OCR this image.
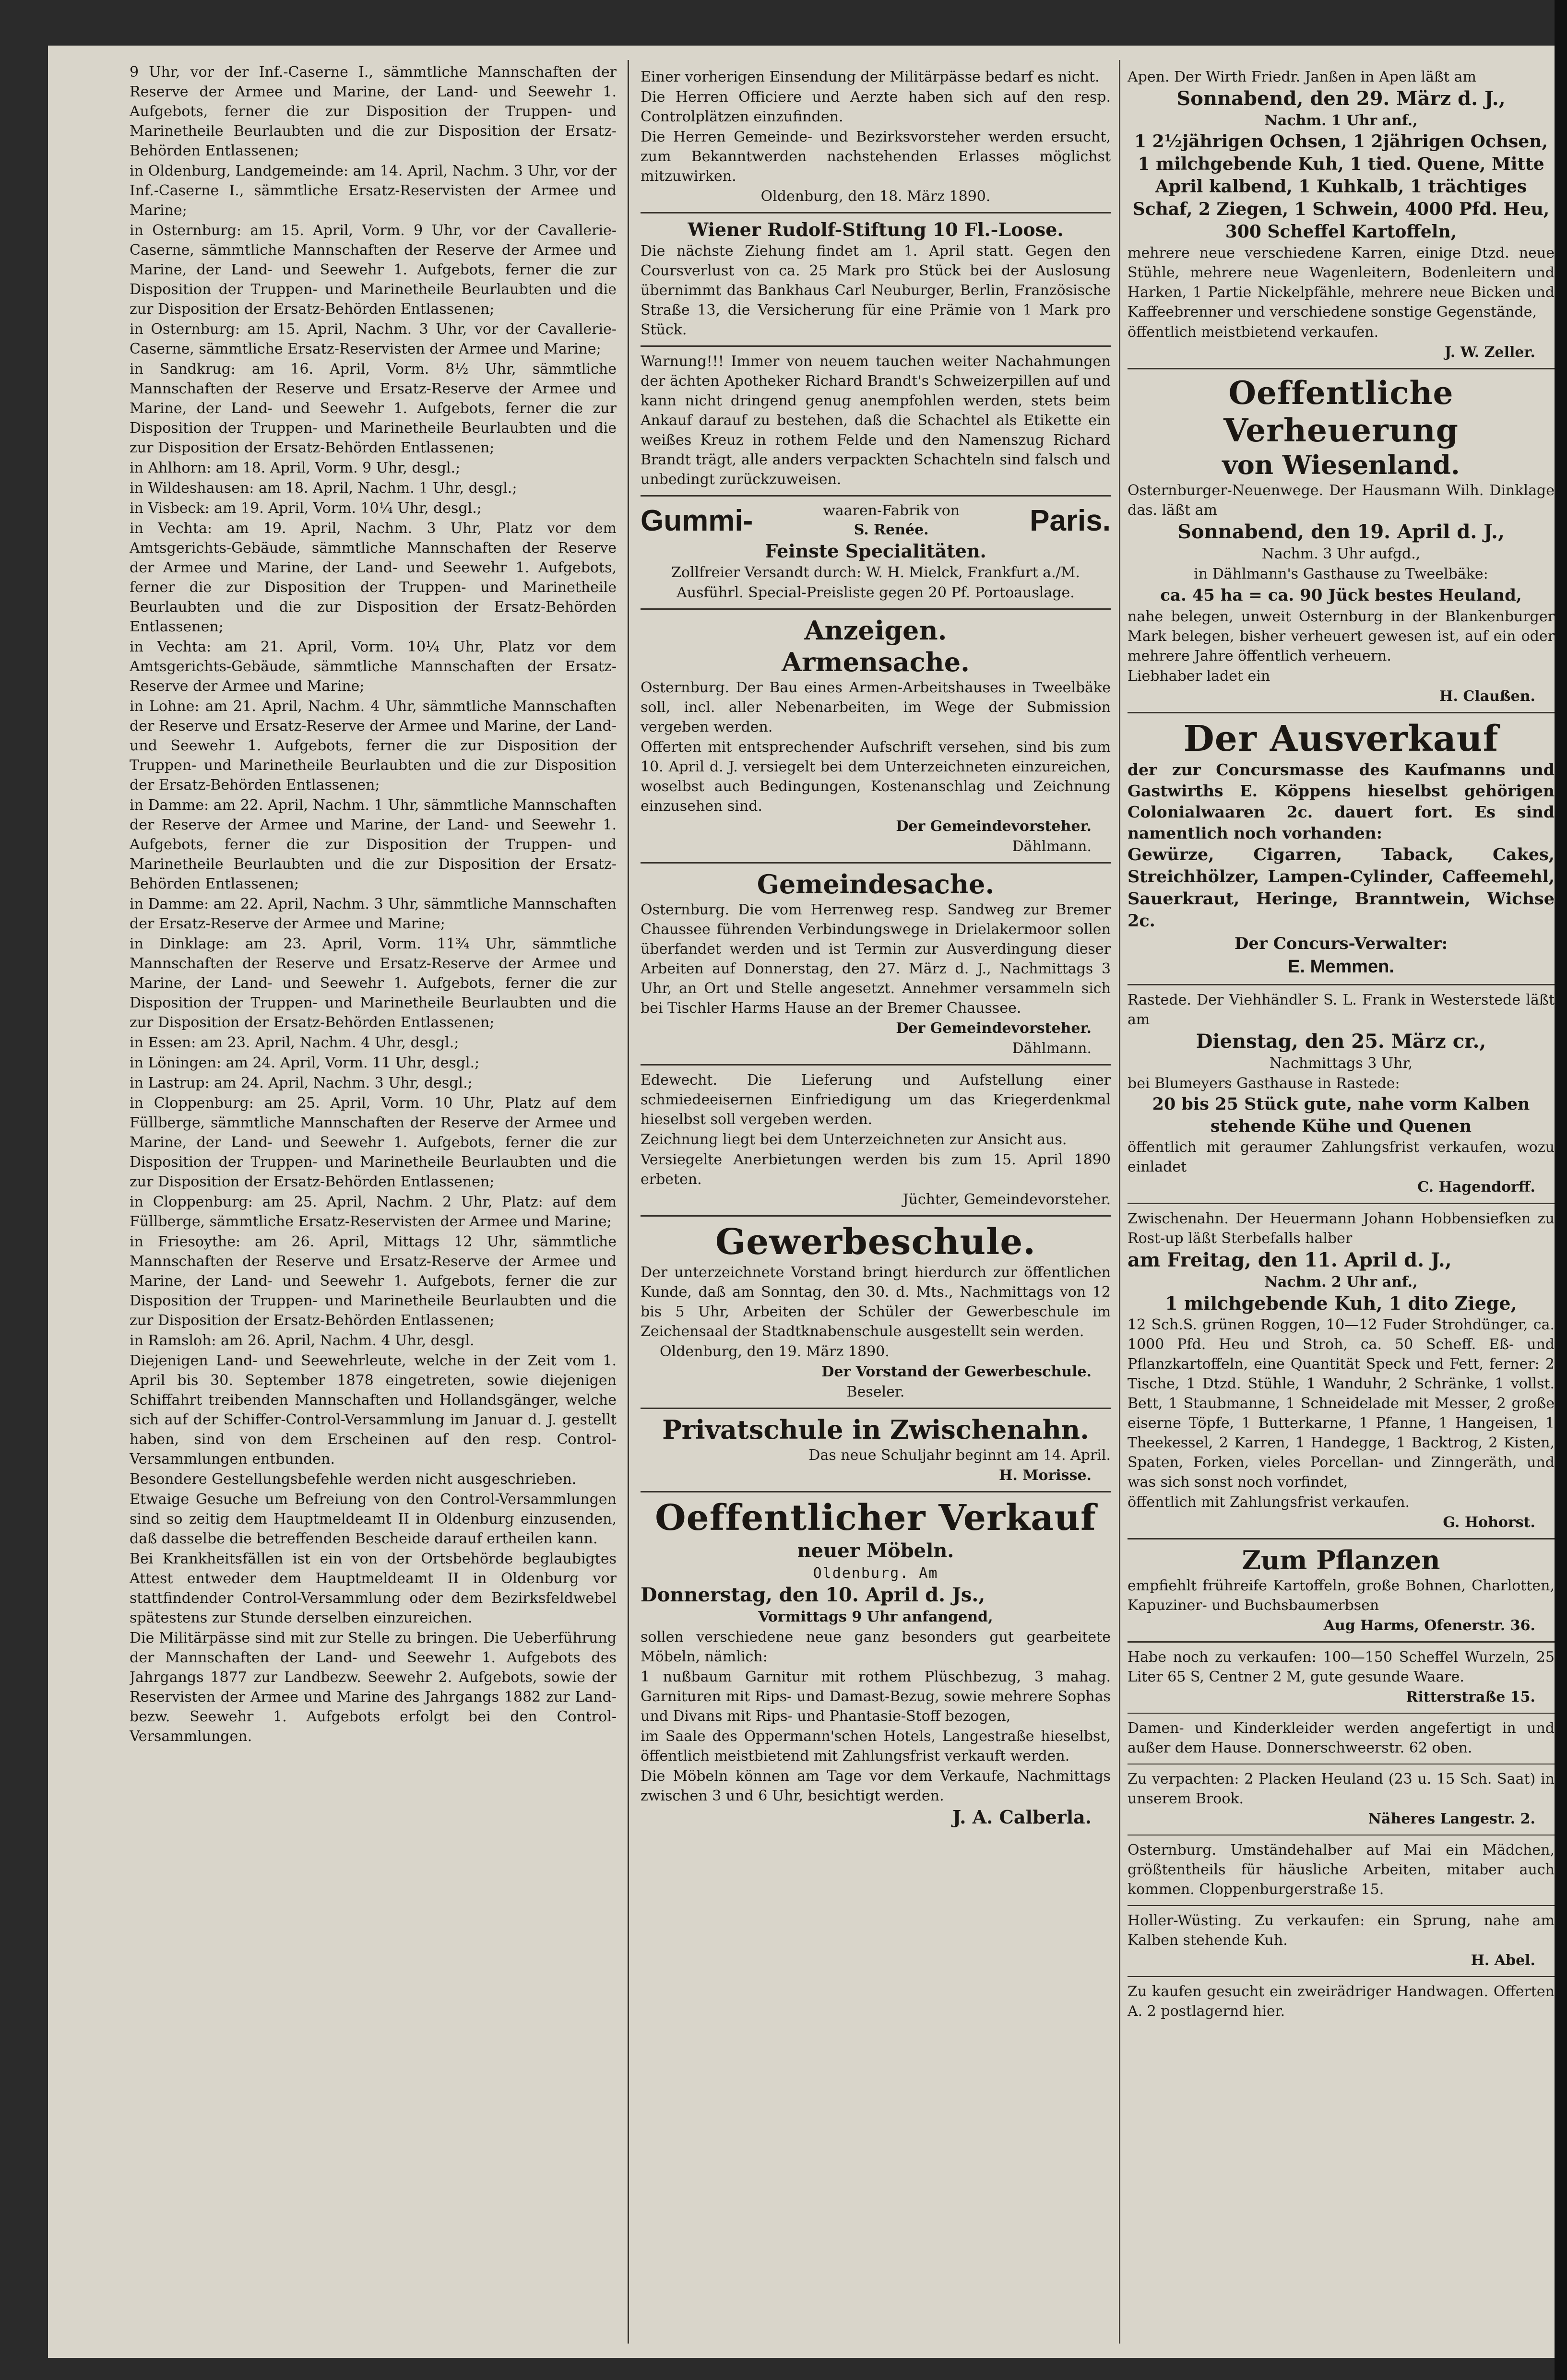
9 Uhr, vor der Inf.-Caserne I., sämmtliche Mannschaften der Reserve der Armee und Marine, der Land- und Seewehr 1. Aufgebots, ferner die zur Disposition der Truppen- und Marinetheile Beurlaubten und die zur Disposition der Ersatz-Behörden Entlassenen;

in Oldenburg, Landgemeinde: am 14. April, Nachm. 3 Uhr, vor der Inf.-Caserne I., sämmtliche Ersatz-Reservisten der Armee und Marine;

in Osternburg: am 15. April, Vorm. 9 Uhr, vor der Cavallerie-Caserne, sämmtliche Mannschaften der Reserve der Armee und Marine, der Land- und Seewehr 1. Aufgebots, ferner die zur Disposition der Truppen- und Marinetheile Beurlaubten und die zur Disposition der Ersatz-Behörden Entlassenen;

in Osternburg: am 15. April, Nachm. 3 Uhr, vor der Cavallerie-Caserne, sämmtliche Ersatz-Reservisten der Armee und Marine;

in Sandkrug: am 16. April, Vorm. 8½ Uhr, sämmtliche Mannschaften der Reserve und Ersatz-Reserve der Armee und Marine, der Land- und Seewehr 1. Aufgebots, ferner die zur Disposition der Truppen- und Marinetheile Beurlaubten und die zur Disposition der Ersatz-Behörden Entlassenen;

in Ahlhorn: am 18. April, Vorm. 9 Uhr, desgl.;

in Wildeshausen: am 18. April, Nachm. 1 Uhr, desgl.;

in Visbeck: am 19. April, Vorm. 10¼ Uhr, desgl.;

in Vechta: am 19. April, Nachm. 3 Uhr, Platz vor dem Amtsgerichts-Gebäude, sämmtliche Mannschaften der Reserve der Armee und Marine, der Land- und Seewehr 1. Aufgebots, ferner die zur Disposition der Truppen- und Marinetheile Beurlaubten und die zur Disposition der Ersatz-Behörden Entlassenen;

in Vechta: am 21. April, Vorm. 10¼ Uhr, Platz vor dem Amtsgerichts-Gebäude, sämmtliche Mannschaften der Ersatz-Reserve der Armee und Marine;

in Lohne: am 21. April, Nachm. 4 Uhr, sämmtliche Mannschaften der Reserve und Ersatz-Reserve der Armee und Marine, der Land- und Seewehr 1. Aufgebots, ferner die zur Disposition der Truppen- und Marinetheile Beurlaubten und die zur Disposition der Ersatz-Behörden Entlassenen;

in Damme: am 22. April, Nachm. 1 Uhr, sämmtliche Mannschaften der Reserve der Armee und Marine, der Land- und Seewehr 1. Aufgebots, ferner die zur Disposition der Truppen- und Marinetheile Beurlaubten und die zur Disposition der Ersatz-Behörden Entlassenen;

in Damme: am 22. April, Nachm. 3 Uhr, sämmtliche Mannschaften der Ersatz-Reserve der Armee und Marine;

in Dinklage: am 23. April, Vorm. 11¾ Uhr, sämmtliche Mannschaften der Reserve und Ersatz-Reserve der Armee und Marine, der Land- und Seewehr 1. Aufgebots, ferner die zur Disposition der Truppen- und Marinetheile Beurlaubten und die zur Disposition der Ersatz-Behörden Entlassenen;

in Essen: am 23. April, Nachm. 4 Uhr, desgl.;

in Löningen: am 24. April, Vorm. 11 Uhr, desgl.;

in Lastrup: am 24. April, Nachm. 3 Uhr, desgl.;

in Cloppenburg: am 25. April, Vorm. 10 Uhr, Platz auf dem Füllberge, sämmtliche Mannschaften der Reserve der Armee und Marine, der Land- und Seewehr 1. Aufgebots, ferner die zur Disposition der Truppen- und Marinetheile Beurlaubten und die zur Disposition der Ersatz-Behörden Entlassenen;

in Cloppenburg: am 25. April, Nachm. 2 Uhr, Platz: auf dem Füllberge, sämmtliche Ersatz-Reservisten der Armee und Marine;

in Friesoythe: am 26. April, Mittags 12 Uhr, sämmtliche Mannschaften der Reserve und Ersatz-Reserve der Armee und Marine, der Land- und Seewehr 1. Aufgebots, ferner die zur Disposition der Truppen- und Marinetheile Beurlaubten und die zur Disposition der Ersatz-Behörden Entlassenen;

in Ramsloh: am 26. April, Nachm. 4 Uhr, desgl.

Diejenigen Land- und Seewehrleute, welche in der Zeit vom 1. April bis 30. September 1878 eingetreten, sowie diejenigen Schiffahrt treibenden Mannschaften und Hollandsgänger, welche sich auf der Schiffer-Control-Versammlung im Januar d. J. gestellt haben, sind von dem Erscheinen auf den resp. Control-Versammlungen entbunden.

Besondere Gestellungsbefehle werden nicht ausgeschrieben.

Etwaige Gesuche um Befreiung von den Control-Versammlungen sind so zeitig dem Hauptmeldeamt II in Oldenburg einzusenden, daß dasselbe die betreffenden Bescheide darauf ertheilen kann.

Bei Krankheitsfällen ist ein von der Ortsbehörde beglaubigtes Attest entweder dem Hauptmeldeamt II in Oldenburg vor stattfindender Control-Versammlung oder dem Bezirksfeldwebel spätestens zur Stunde derselben einzureichen.

Die Militärpässe sind mit zur Stelle zu bringen. Die Ueberführung der Mannschaften der Land- und Seewehr 1. Aufgebots des Jahrgangs 1877 zur Landbezw. Seewehr 2. Aufgebots, sowie der Reservisten der Armee und Marine des Jahrgangs 1882 zur Land- bezw. Seewehr 1. Aufgebots erfolgt bei den Control-Versammlungen.

Einer vorherigen Einsendung der Militärpässe bedarf es nicht.

Die Herren Officiere und Aerzte haben sich auf den resp. Controlplätzen einzufinden.

Die Herren Gemeinde- und Bezirksvorsteher werden ersucht, zum Bekanntwerden nachstehenden Erlasses möglichst mitzuwirken.

Oldenburg, den 18. März 1890.

Wiener Rudolf-Stiftung 10 Fl.-Loose.

Die nächste Ziehung findet am 1. April statt. Gegen den Coursverlust von ca. 25 Mark pro Stück bei der Auslosung übernimmt das Bankhaus Carl Neuburger, Berlin, Französische Straße 13, die Versicherung für eine Prämie von 1 Mark pro Stück.

Warnung!!! Immer von neuem tauchen weiter Nachahmungen der ächten Apotheker Richard Brandt's Schweizerpillen auf und kann nicht dringend genug anempfohlen werden, stets beim Ankauf darauf zu bestehen, daß die Schachtel als Etikette ein weißes Kreuz in rothem Felde und den Namenszug Richard Brandt trägt, alle anders verpackten Schachteln sind falsch und unbedingt zurückzuweisen.

Gummi-	waaren-Fabrik von
S. Renée.	Paris.

Feinste Specialitäten.

Zollfreier Versandt durch: W. H. Mielck, Frankfurt a./M.

Ausführl. Special-Preisliste gegen 20 Pf. Portoauslage.

Anzeigen.

Armensache.

Osternburg. Der Bau eines Armen-Arbeitshauses in Tweelbäke soll, incl. aller Nebenarbeiten, im Wege der Submission vergeben werden.

Offerten mit entsprechender Aufschrift versehen, sind bis zum 10. April d. J. versiegelt bei dem Unterzeichneten einzureichen, woselbst auch Bedingungen, Kostenanschlag und Zeichnung einzusehen sind.

Der Gemeindevorsteher.

Dählmann.

Gemeindesache.

Osternburg. Die vom Herrenweg resp. Sandweg zur Bremer Chaussee führenden Verbindungswege in Drielakermoor sollen überfandet werden und ist Termin zur Ausverdingung dieser Arbeiten auf Donnerstag, den 27. März d. J., Nachmittags 3 Uhr, an Ort und Stelle angesetzt. Annehmer versammeln sich bei Tischler Harms Hause an der Bremer Chaussee.

Der Gemeindevorsteher.

Dählmann.

Edewecht. Die Lieferung und Aufstellung einer schmiedeeisernen Einfriedigung um das Kriegerdenkmal hieselbst soll vergeben werden.

Zeichnung liegt bei dem Unterzeichneten zur Ansicht aus.

Versiegelte Anerbietungen werden bis zum 15. April 1890 erbeten.

Jüchter, Gemeindevorsteher.

Gewerbeschule.

Der unterzeichnete Vorstand bringt hierdurch zur öffentlichen Kunde, daß am Sonntag, den 30. d. Mts., Nachmittags von 12 bis 5 Uhr, Arbeiten der Schüler der Gewerbeschule im Zeichensaal der Stadtknabenschule ausgestellt sein werden.

Oldenburg, den 19. März 1890.

Der Vorstand der Gewerbeschule.

Beseler.

Privatschule in Zwischenahn.

Das neue Schuljahr beginnt am 14. April.

H. Morisse.

Oeffentlicher Verkauf

neuer Möbeln.

Oldenburg. Am

Donnerstag, den 10. April d. Js.,

Vormittags 9 Uhr anfangend,

sollen verschiedene neue ganz besonders gut gearbeitete Möbeln, nämlich:

1 nußbaum Garnitur mit rothem Plüschbezug, 3 mahag. Garnituren mit Rips- und Damast-Bezug, sowie mehrere Sophas und Divans mit Rips- und Phantasie-Stoff bezogen,

im Saale des Oppermann'schen Hotels, Langestraße hieselbst, öffentlich meistbietend mit Zahlungsfrist verkauft werden.

Die Möbeln können am Tage vor dem Verkaufe, Nachmittags zwischen 3 und 6 Uhr, besichtigt werden.

J. A. Calberla.

Apen. Der Wirth Friedr. Janßen in Apen läßt am

Sonnabend, den 29. März d. J.,

Nachm. 1 Uhr anf.,

1 2½jährigen Ochsen, 1 2jährigen Ochsen, 1 milchgebende Kuh, 1 tied. Quene, Mitte April kalbend, 1 Kuhkalb, 1 trächtiges Schaf, 2 Ziegen, 1 Schwein, 4000 Pfd. Heu, 300 Scheffel Kartoffeln,

mehrere neue verschiedene Karren, einige Dtzd. neue Stühle, mehrere neue Wagenleitern, Bodenleitern und Harken, 1 Partie Nickelpfähle, mehrere neue Bicken und Kaffeebrenner und verschiedene sonstige Gegenstände,

öffentlich meistbietend verkaufen.

J. W. Zeller.

Oeffentliche Verheuerung

von Wiesenland.

Osternburger-Neuenwege. Der Hausmann Wilh. Dinklage das. läßt am

Sonnabend, den 19. April d. J.,

Nachm. 3 Uhr aufgd.,

in Dählmann's Gasthause zu Tweelbäke:

ca. 45 ha = ca. 90 Jück bestes Heuland,

nahe belegen, unweit Osternburg in der Blankenburger Mark belegen, bisher verheuert gewesen ist, auf ein oder mehrere Jahre öffentlich verheuern.

Liebhaber ladet ein

H. Claußen.

Der Ausverkauf

der zur Concursmasse des Kaufmanns und Gastwirths E. Köppens hieselbst gehörigen Colonialwaaren 2c. dauert fort. Es sind namentlich noch vorhanden:

Gewürze, Cigarren, Taback, Cakes, Streichhölzer, Lampen-Cylinder, Caffeemehl, Sauerkraut, Heringe, Branntwein, Wichse 2c.

Der Concurs-Verwalter:

E. Memmen.

Rastede. Der Viehhändler S. L. Frank in Westerstede läßt am

Dienstag, den 25. März cr.,

Nachmittags 3 Uhr,

bei Blumeyers Gasthause in Rastede:

20 bis 25 Stück gute, nahe vorm Kalben stehende Kühe und Quenen

öffentlich mit geraumer Zahlungsfrist verkaufen, wozu einladet

C. Hagendorff.

Zwischenahn. Der Heuermann Johann Hobbensiefken zu Rost-up läßt Sterbefalls halber

am Freitag, den 11. April d. J.,

Nachm. 2 Uhr anf.,

1 milchgebende Kuh, 1 dito Ziege,

12 Sch.S. grünen Roggen, 10—12 Fuder Strohdünger, ca. 1000 Pfd. Heu und Stroh, ca. 50 Scheff. Eß- und Pflanzkartoffeln, eine Quantität Speck und Fett, ferner: 2 Tische, 1 Dtzd. Stühle, 1 Wanduhr, 2 Schränke, 1 vollst. Bett, 1 Staubmanne, 1 Schneidelade mit Messer, 2 große eiserne Töpfe, 1 Butterkarne, 1 Pfanne, 1 Hangeisen, 1 Theekessel, 2 Karren, 1 Handegge, 1 Backtrog, 2 Kisten, Spaten, Forken, vieles Porcellan- und Zinngeräth, und was sich sonst noch vorfindet,

öffentlich mit Zahlungsfrist verkaufen.

G. Hohorst.

Zum Pflanzen

empfiehlt frühreife Kartoffeln, große Bohnen, Charlotten, Kapuziner- und Buchsbaumerbsen

Aug Harms, Ofenerstr. 36.

Habe noch zu verkaufen: 100—150 Scheffel Wurzeln, 25 Liter 65 S, Centner 2 M, gute gesunde Waare.

Ritterstraße 15.

Damen- und Kinderkleider werden angefertigt in und außer dem Hause. Donnerschweerstr. 62 oben.

Zu verpachten: 2 Placken Heuland (23 u. 15 Sch. Saat) in unserem Brook.

Näheres Langestr. 2.

Osternburg. Umständehalber auf Mai ein Mädchen, größtentheils für häusliche Arbeiten, mitaber auch kommen. Cloppenburgerstraße 15.

Holler-Wüsting. Zu verkaufen: ein Sprung, nahe am Kalben stehende Kuh.

H. Abel.

Zu kaufen gesucht ein zweirädriger Handwagen. Offerten A. 2 postlagernd hier.
